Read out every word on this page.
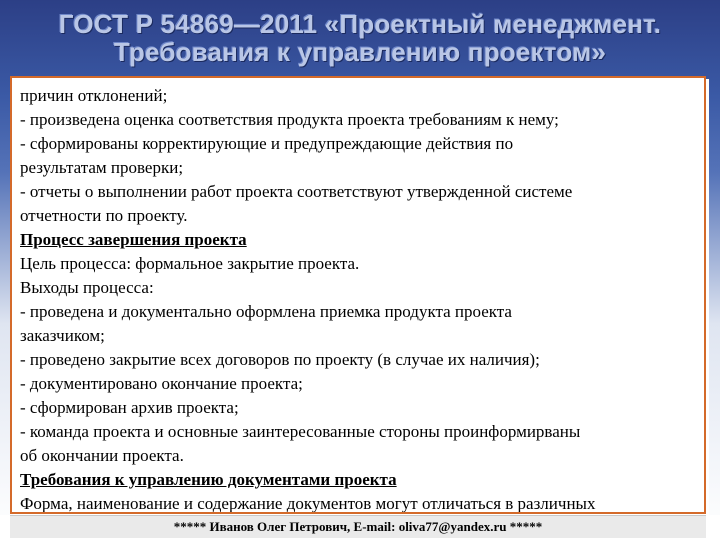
ГОСТ Р 54869—2011 «Проектный менеджмент.
Требования к управлению проектом»

причин отклонений;

- произведена оценка соответствия продукта проекта требованиям к нему;

- сформированы корректирующие и предупреждающие действия по

результатам проверки;

- отчеты о выполнении работ проекта соответствуют утвержденной системе

отчетности по проекту.

Процесс завершения проекта

Цель процесса: формальное закрытие проекта.

Выходы процесса:

- проведена и документально оформлена приемка продукта проекта

заказчиком;

- проведено закрытие всех договоров по проекту (в случае их наличия);

- документировано окончание проекта;

- сформирован архив проекта;

- команда проекта и основные заинтересованные стороны проинформирваны

об окончании проекта.

Требования к управлению документами проекта

Форма, наименование и содержание документов могут отличаться в различных

***** Иванов Олег Петрович, E-mail: oliva77@yandex.ru *****
